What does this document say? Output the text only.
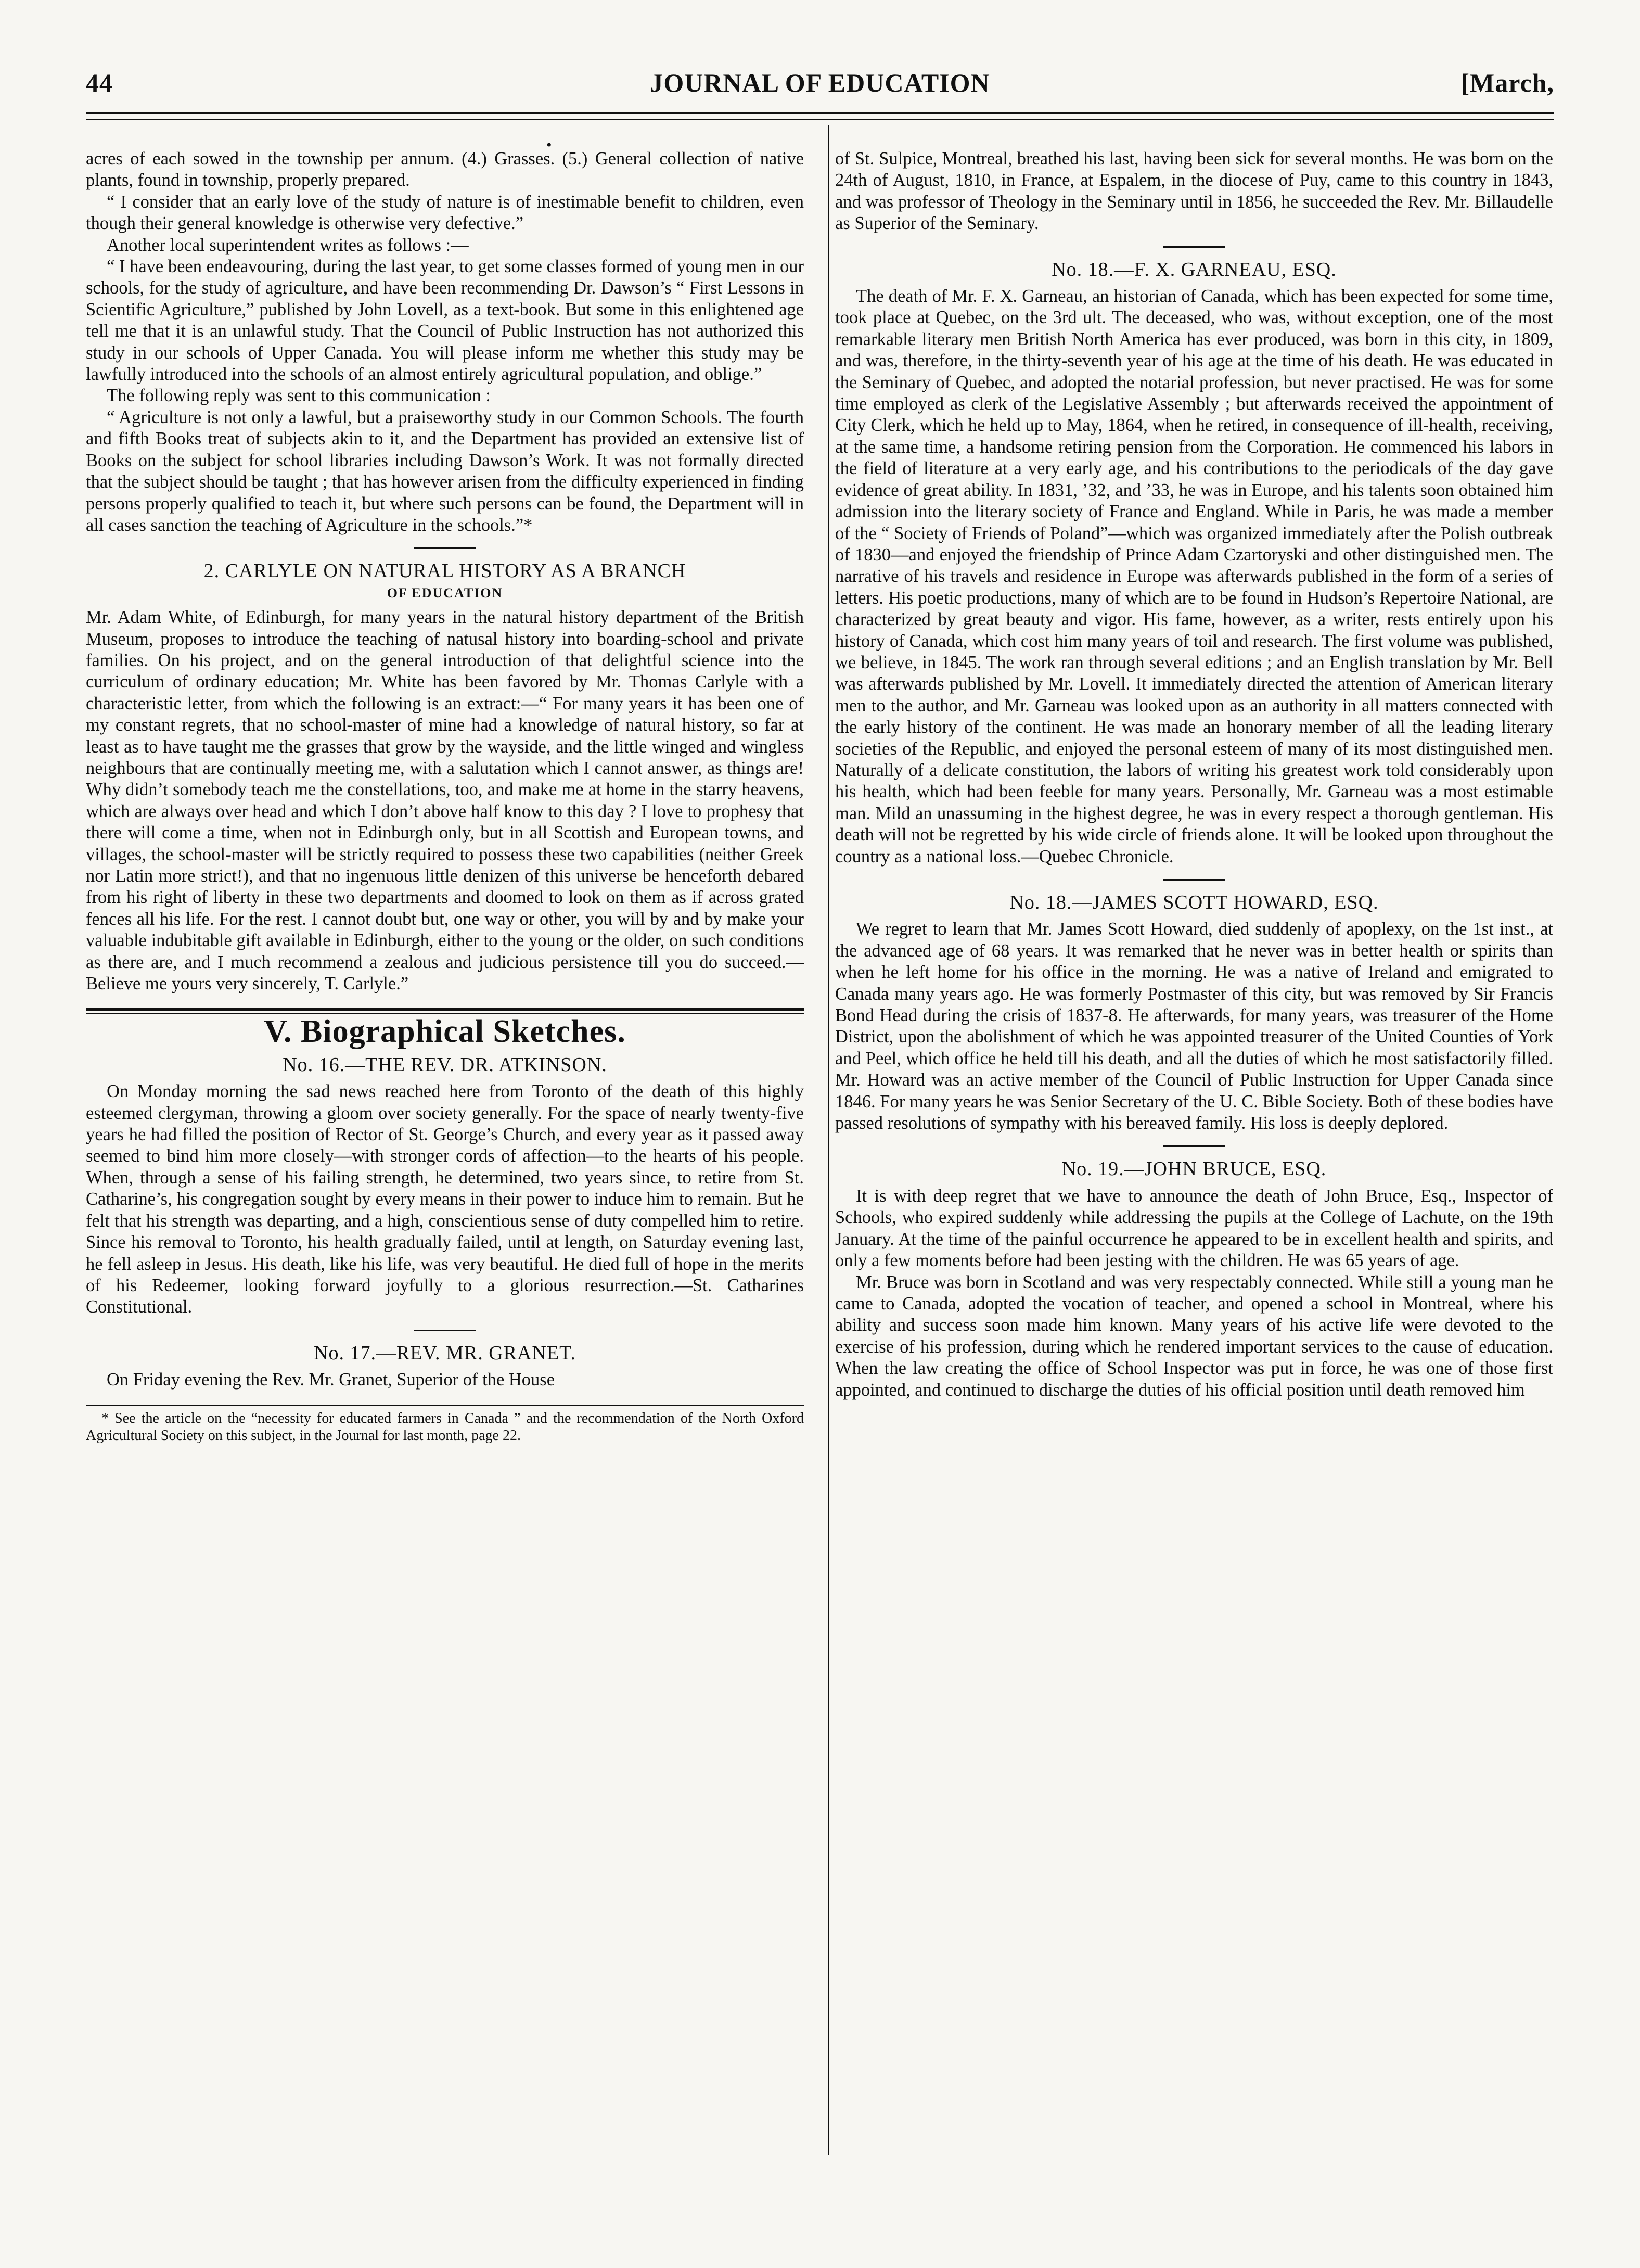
44	JOURNAL OF EDUCATION	[March,
•

acres of each sowed in the township per annum. (4.) Grasses. (5.) General collection of native plants, found in township, properly prepared.

“ I consider that an early love of the study of nature is of inestimable benefit to children, even though their general knowledge is otherwise very defective.”

Another local superintendent writes as follows :—

“ I have been endeavouring, during the last year, to get some classes formed of young men in our schools, for the study of agriculture, and have been recommending Dr. Dawson’s “ First Lessons in Scientific Agriculture,” published by John Lovell, as a text-book. But some in this enlightened age tell me that it is an unlawful study. That the Council of Public Instruction has not authorized this study in our schools of Upper Canada. You will please inform me whether this study may be lawfully introduced into the schools of an almost entirely agricultural population, and oblige.”

The following reply was sent to this communication :

“ Agriculture is not only a lawful, but a praiseworthy study in our Common Schools. The fourth and fifth Books treat of subjects akin to it, and the Department has provided an extensive list of Books on the subject for school libraries including Dawson’s Work. It was not formally directed that the subject should be taught ; that has however arisen from the difficulty experienced in finding persons properly qualified to teach it, but where such persons can be found, the Department will in all cases sanction the teaching of Agriculture in the schools.”*

2. CARLYLE ON NATURAL HISTORY AS A BRANCH

OF EDUCATION

Mr. Adam White, of Edinburgh, for many years in the natural history department of the British Museum, proposes to introduce the teaching of natusal history into boarding-school and private families. On his project, and on the general introduction of that delightful science into the curriculum of ordinary education; Mr. White has been favored by Mr. Thomas Carlyle with a characteristic letter, from which the following is an extract:—“ For many years it has been one of my constant regrets, that no school-master of mine had a knowledge of natural history, so far at least as to have taught me the grasses that grow by the wayside, and the little winged and wingless neighbours that are continually meeting me, with a salutation which I cannot answer, as things are! Why didn’t somebody teach me the constellations, too, and make me at home in the starry heavens, which are always over head and which I don’t above half know to this day ? I love to prophesy that there will come a time, when not in Edinburgh only, but in all Scottish and European towns, and villages, the school-master will be strictly required to possess these two capabilities (neither Greek nor Latin more strict!), and that no ingenuous little denizen of this universe be henceforth debared from his right of liberty in these two departments and doomed to look on them as if across grated fences all his life. For the rest. I cannot doubt but, one way or other, you will by and by make your valuable indubitable gift available in Edinburgh, either to the young or the older, on such conditions as there are, and I much recommend a zealous and judicious persistence till you do succeed.—Believe me yours very sincerely, T. Carlyle.”

V. Biographical Sketches.

No. 16.—THE REV. DR. ATKINSON.

On Monday morning the sad news reached here from Toronto of the death of this highly esteemed clergyman, throwing a gloom over society generally. For the space of nearly twenty-five years he had filled the position of Rector of St. George’s Church, and every year as it passed away seemed to bind him more closely—with stronger cords of affection—to the hearts of his people. When, through a sense of his failing strength, he determined, two years since, to retire from St. Catharine’s, his congregation sought by every means in their power to induce him to remain. But he felt that his strength was departing, and a high, conscientious sense of duty compelled him to retire. Since his removal to Toronto, his health gradually failed, until at length, on Saturday evening last, he fell asleep in Jesus. His death, like his life, was very beautiful. He died full of hope in the merits of his Redeemer, looking forward joyfully to a glorious resurrection.—St. Catharines Constitutional.

No. 17.—REV. MR. GRANET.

On Friday evening the Rev. Mr. Granet, Superior of the House

* See the article on the “necessity for educated farmers in Canada ” and the recommendation of the North Oxford Agricultural Society on this subject, in the Journal for last month, page 22.

of St. Sulpice, Montreal, breathed his last, having been sick for several months. He was born on the 24th of August, 1810, in France, at Espalem, in the diocese of Puy, came to this country in 1843, and was professor of Theology in the Seminary until in 1856, he succeeded the Rev. Mr. Billaudelle as Superior of the Seminary.

No. 18.—F. X. GARNEAU, ESQ.

The death of Mr. F. X. Garneau, an historian of Canada, which has been expected for some time, took place at Quebec, on the 3rd ult. The deceased, who was, without exception, one of the most remarkable literary men British North America has ever produced, was born in this city, in 1809, and was, therefore, in the thirty-seventh year of his age at the time of his death. He was educated in the Seminary of Quebec, and adopted the notarial profession, but never practised. He was for some time employed as clerk of the Legislative Assembly ; but afterwards received the appointment of City Clerk, which he held up to May, 1864, when he retired, in consequence of ill-health, receiving, at the same time, a handsome retiring pension from the Corporation. He commenced his labors in the field of literature at a very early age, and his contributions to the periodicals of the day gave evidence of great ability. In 1831, ’32, and ’33, he was in Europe, and his talents soon obtained him admission into the literary society of France and England. While in Paris, he was made a member of the “ Society of Friends of Poland”—which was organized immediately after the Polish outbreak of 1830—and enjoyed the friendship of Prince Adam Czartoryski and other distinguished men. The narrative of his travels and residence in Europe was afterwards published in the form of a series of letters. His poetic productions, many of which are to be found in Hudson’s Repertoire National, are characterized by great beauty and vigor. His fame, however, as a writer, rests entirely upon his history of Canada, which cost him many years of toil and research. The first volume was published, we believe, in 1845. The work ran through several editions ; and an English translation by Mr. Bell was afterwards published by Mr. Lovell. It immediately directed the attention of American literary men to the author, and Mr. Garneau was looked upon as an authority in all matters connected with the early history of the continent. He was made an honorary member of all the leading literary societies of the Republic, and enjoyed the personal esteem of many of its most distinguished men. Naturally of a delicate constitution, the labors of writing his greatest work told considerably upon his health, which had been feeble for many years. Personally, Mr. Garneau was a most estimable man. Mild an unassuming in the highest degree, he was in every respect a thorough gentleman. His death will not be regretted by his wide circle of friends alone. It will be looked upon throughout the country as a national loss.—Quebec Chronicle.

No. 18.—JAMES SCOTT HOWARD, ESQ.

We regret to learn that Mr. James Scott Howard, died suddenly of apoplexy, on the 1st inst., at the advanced age of 68 years. It was remarked that he never was in better health or spirits than when he left home for his office in the morning. He was a native of Ireland and emigrated to Canada many years ago. He was formerly Postmaster of this city, but was removed by Sir Francis Bond Head during the crisis of 1837-8. He afterwards, for many years, was treasurer of the Home District, upon the abolishment of which he was appointed treasurer of the United Counties of York and Peel, which office he held till his death, and all the duties of which he most satisfactorily filled. Mr. Howard was an active member of the Council of Public Instruction for Upper Canada since 1846. For many years he was Senior Secretary of the U. C. Bible Society. Both of these bodies have passed resolutions of sympathy with his bereaved family. His loss is deeply deplored.

No. 19.—JOHN BRUCE, ESQ.

It is with deep regret that we have to announce the death of John Bruce, Esq., Inspector of Schools, who expired suddenly while addressing the pupils at the College of Lachute, on the 19th January. At the time of the painful occurrence he appeared to be in excellent health and spirits, and only a few moments before had been jesting with the children. He was 65 years of age.

Mr. Bruce was born in Scotland and was very respectably connected. While still a young man he came to Canada, adopted the vocation of teacher, and opened a school in Montreal, where his ability and success soon made him known. Many years of his active life were devoted to the exercise of his profession, during which he rendered important services to the cause of education. When the law creating the office of School Inspector was put in force, he was one of those first appointed, and continued to discharge the duties of his official position until death removed him
